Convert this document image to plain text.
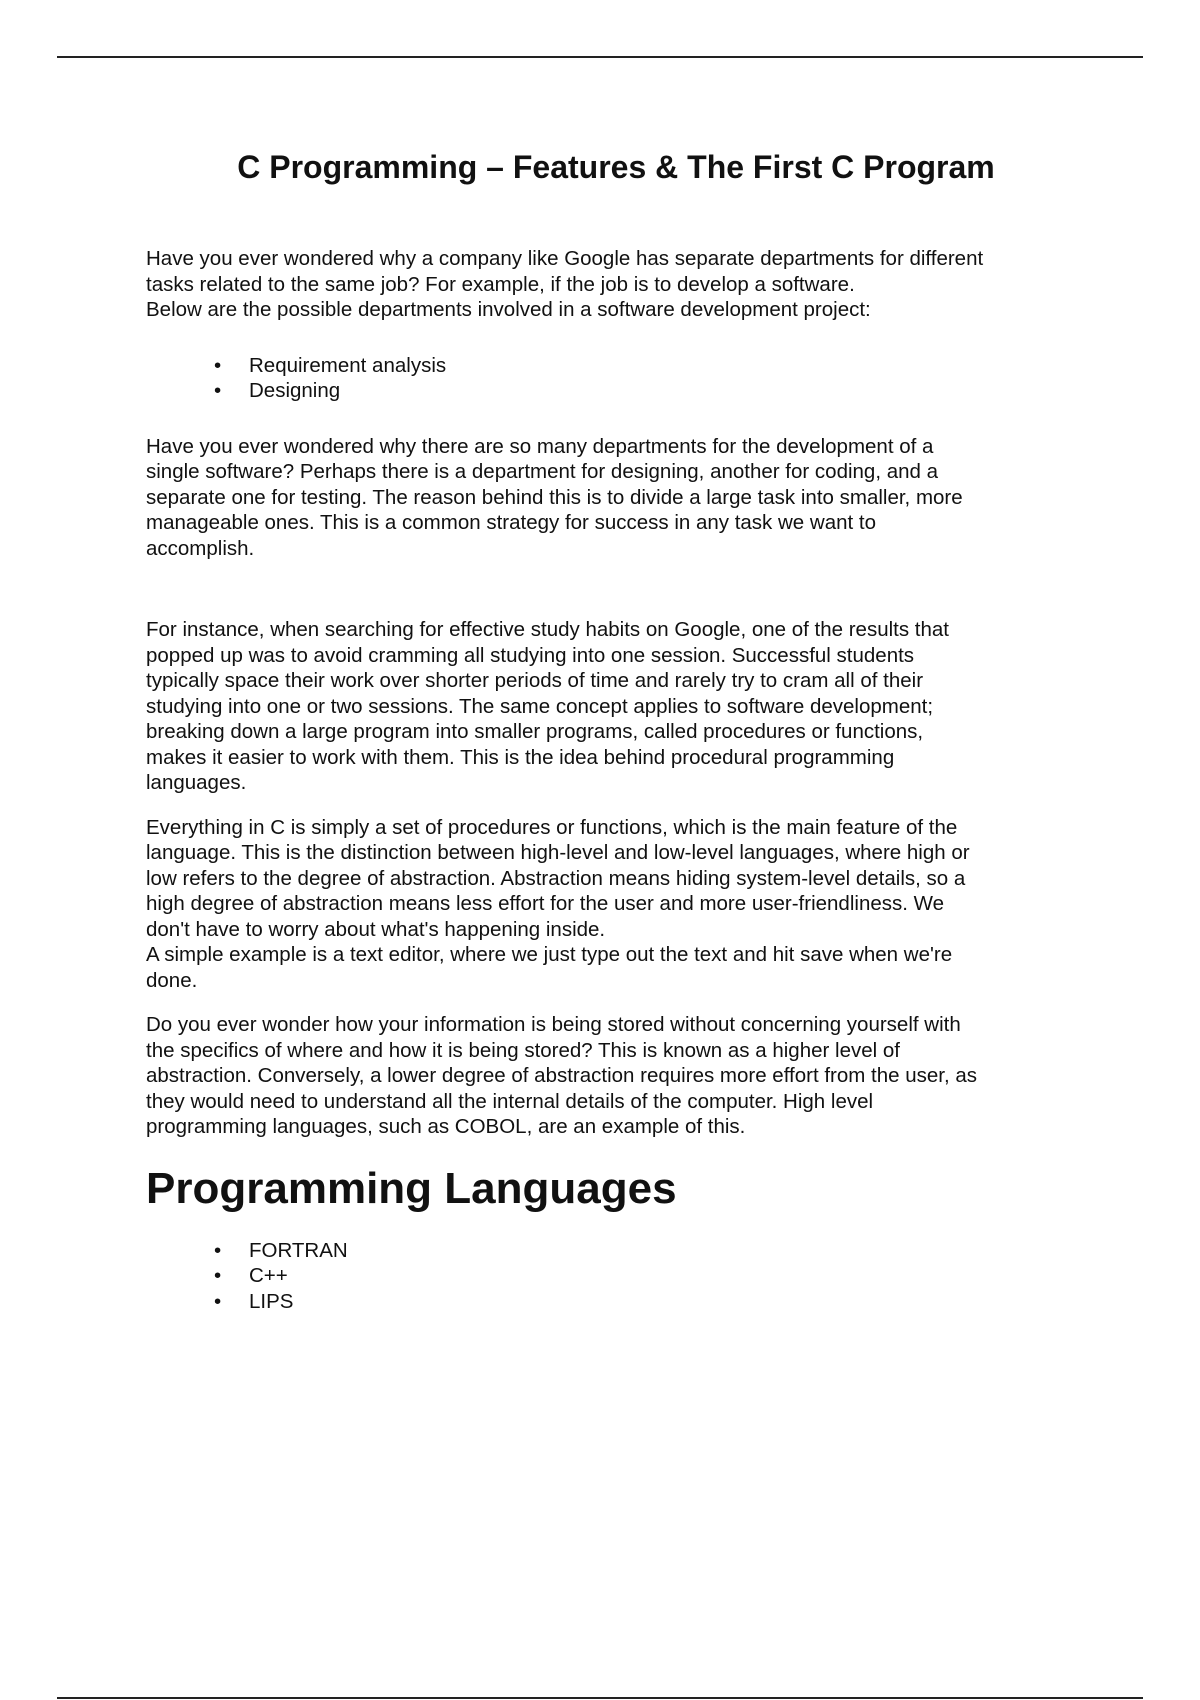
C Programming – Features & The First C Program
Have you ever wondered why a company like Google has separate departments for different
tasks related to the same job? For example, if the job is to develop a software.
Below are the possible departments involved in a software development project:
•	Requirement analysis
•	Designing
Have you ever wondered why there are so many departments for the development of a
single software? Perhaps there is a department for designing, another for coding, and a
separate one for testing. The reason behind this is to divide a large task into smaller, more
manageable ones. This is a common strategy for success in any task we want to
accomplish.
For instance, when searching for effective study habits on Google, one of the results that
popped up was to avoid cramming all studying into one session. Successful students
typically space their work over shorter periods of time and rarely try to cram all of their
studying into one or two sessions. The same concept applies to software development;
breaking down a large program into smaller programs, called procedures or functions,
makes it easier to work with them. This is the idea behind procedural programming
languages.
Everything in C is simply a set of procedures or functions, which is the main feature of the
language. This is the distinction between high-level and low-level languages, where high or
low refers to the degree of abstraction. Abstraction means hiding system-level details, so a
high degree of abstraction means less effort for the user and more user-friendliness. We
don't have to worry about what's happening inside.
A simple example is a text editor, where we just type out the text and hit save when we're
done.
Do you ever wonder how your information is being stored without concerning yourself with
the specifics of where and how it is being stored? This is known as a higher level of
abstraction. Conversely, a lower degree of abstraction requires more effort from the user, as
they would need to understand all the internal details of the computer. High level
programming languages, such as COBOL, are an example of this.
Programming Languages
•	FORTRAN
•	C++
•	LIPS
